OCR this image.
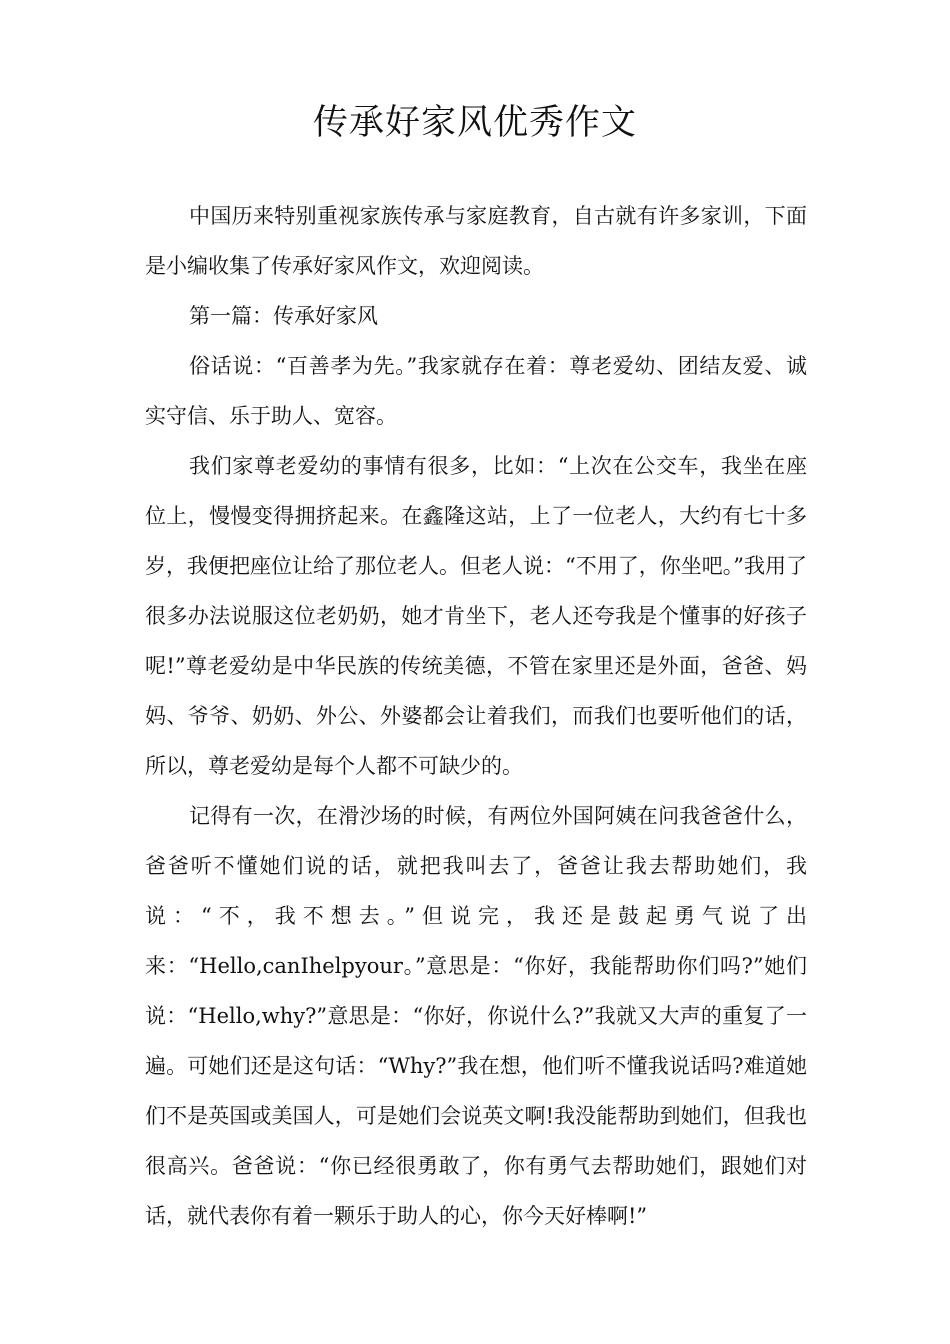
传承好家风优秀作文

中国历来特别重视家族传承与家庭教育，自古就有许多家训，下面是小编收集了传承好家风作文，欢迎阅读。

第一篇：传承好家风

俗话说：“百善孝为先。”我家就存在着：尊老爱幼、团结友爱、诚实守信、乐于助人、宽容。

我们家尊老爱幼的事情有很多，比如：“上次在公交车，我坐在座位上，慢慢变得拥挤起来。在鑫隆这站，上了一位老人，大约有七十多岁，我便把座位让给了那位老人。但老人说：“不用了，你坐吧。”我用了很多办法说服这位老奶奶，她才肯坐下，老人还夸我是个懂事的好孩子呢!”尊老爱幼是中华民族的传统美德，不管在家里还是外面，爸爸、妈妈、爷爷、奶奶、外公、外婆都会让着我们，而我们也要听他们的话，所以，尊老爱幼是每个人都不可缺少的。

记得有一次，在滑沙场的时候，有两位外国阿姨在问我爸爸什么，爸爸听不懂她们说的话，就把我叫去了，爸爸让我去帮助她们，我说：“不，我不想去。”但说完，我还是鼓起勇气说了出来：“Hello,canIhelpyour。”意思是：“你好，我能帮助你们吗?”她们说：“Hello,why?”意思是：“你好，你说什么?”我就又大声的重复了一遍。可她们还是这句话：“Why?”我在想，他们听不懂我说话吗?难道她们不是英国或美国人，可是她们会说英文啊!我没能帮助到她们，但我也很高兴。爸爸说：“你已经很勇敢了，你有勇气去帮助她们，跟她们对话，就代表你有着一颗乐于助人的心，你今天好棒啊!”
